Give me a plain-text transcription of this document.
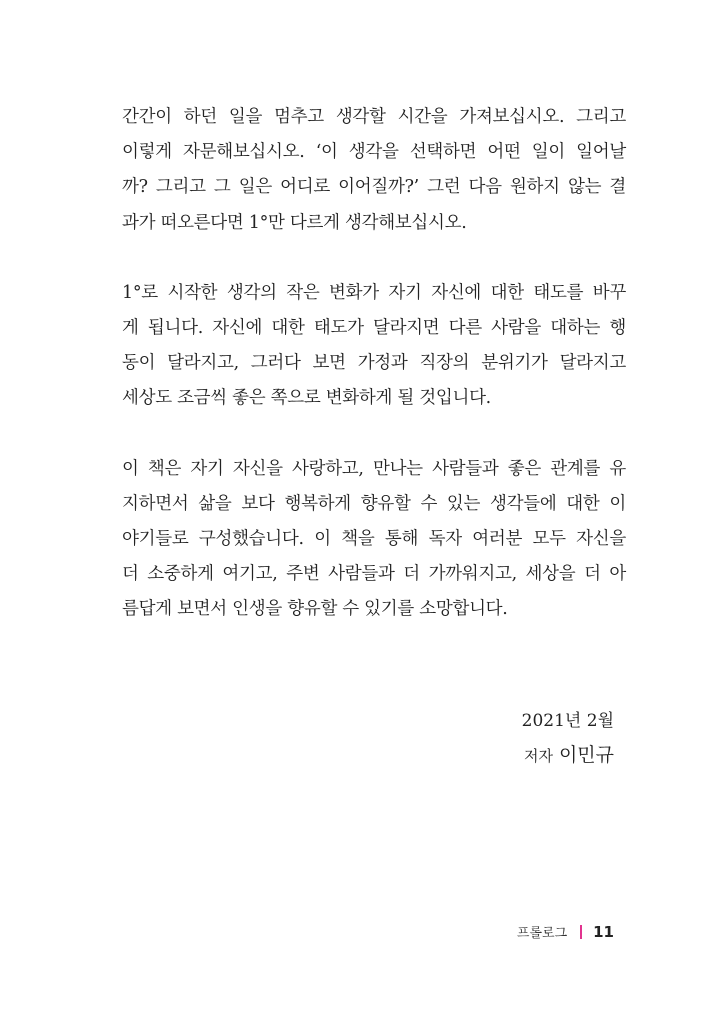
간간이 하던 일을 멈추고 생각할 시간을 가져보십시오. 그리고
이렇게 자문해보십시오. ‘이 생각을 선택하면 어떤 일이 일어날
까? 그리고 그 일은 어디로 이어질까?’ 그런 다음 원하지 않는 결
과가 떠오른다면 1°만 다르게 생각해보십시오.
1°로 시작한 생각의 작은 변화가 자기 자신에 대한 태도를 바꾸
게 됩니다. 자신에 대한 태도가 달라지면 다른 사람을 대하는 행
동이 달라지고, 그러다 보면 가정과 직장의 분위기가 달라지고
세상도 조금씩 좋은 쪽으로 변화하게 될 것입니다.
이 책은 자기 자신을 사랑하고, 만나는 사람들과 좋은 관계를 유
지하면서 삶을 보다 행복하게 향유할 수 있는 생각들에 대한 이
야기들로 구성했습니다. 이 책을 통해 독자 여러분 모두 자신을
더 소중하게 여기고, 주변 사람들과 더 가까워지고, 세상을 더 아
름답게 보면서 인생을 향유할 수 있기를 소망합니다.
2021년 2월
저자 이민규
프롤로그 11
